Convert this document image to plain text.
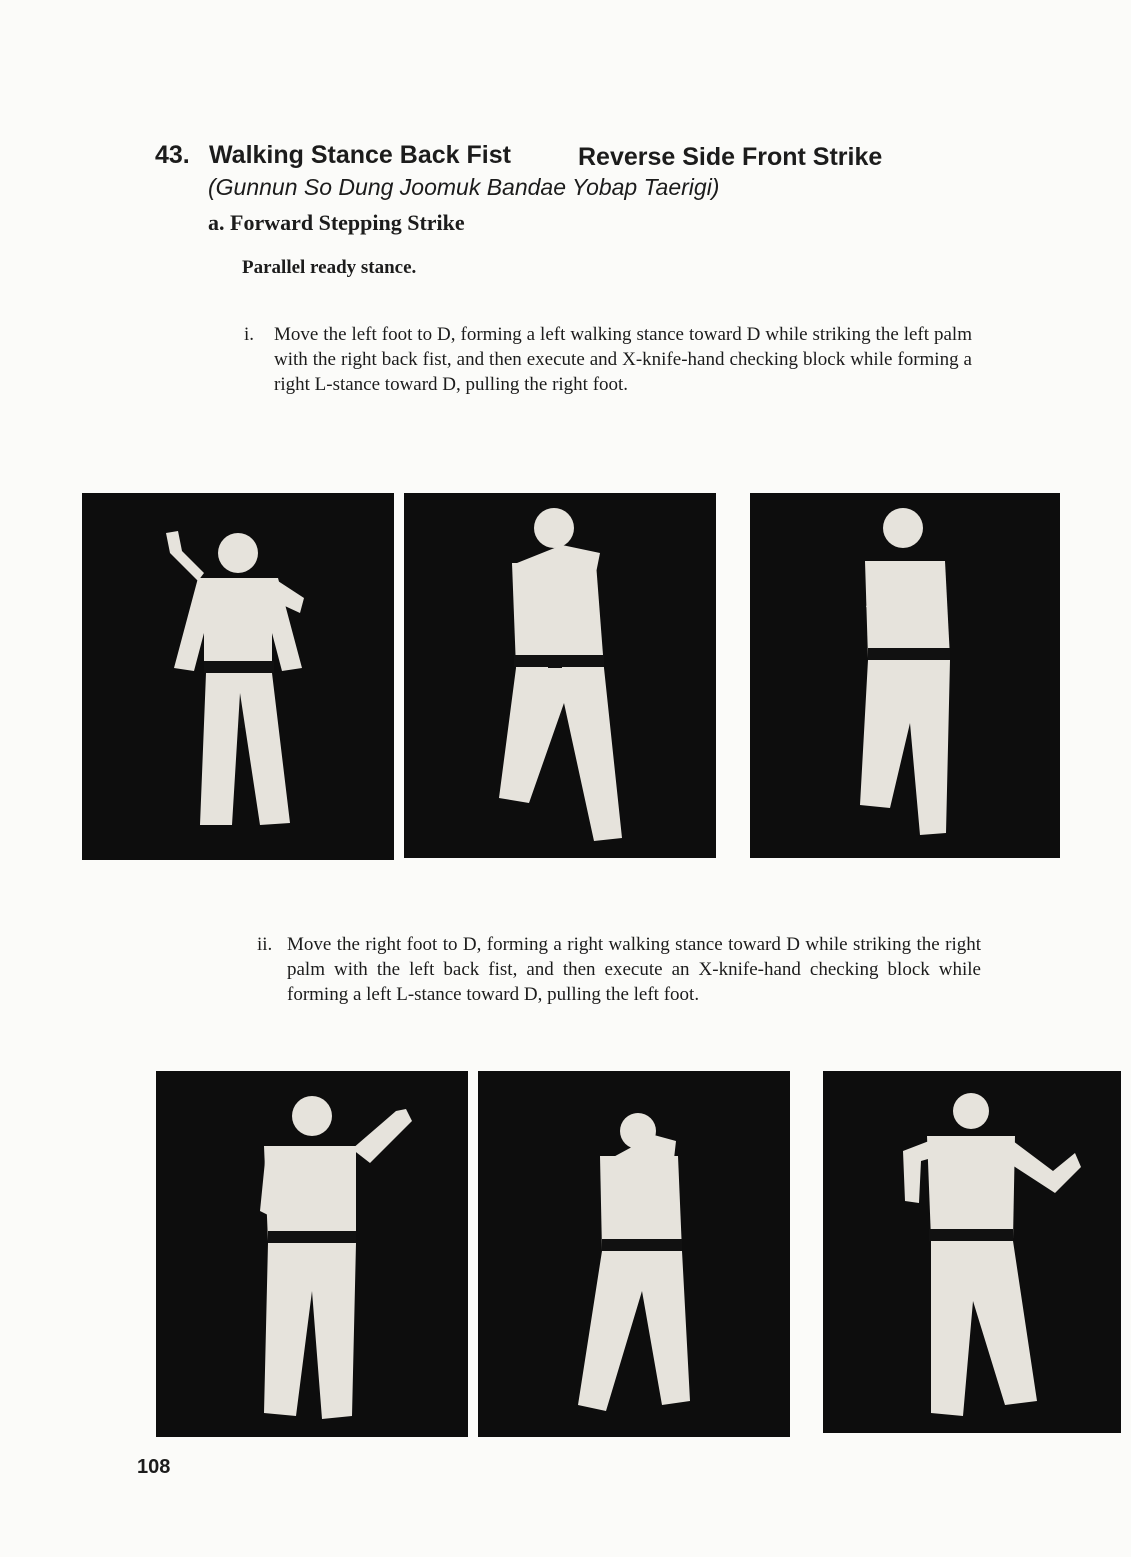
43. Walking Stance Back Fist	Reverse Side Front Strike
(Gunnun So Dung Joomuk Bandae Yobap Taerigi)
a. Forward Stepping Strike
Parallel ready stance.
i. Move the left foot to D, forming a left walking stance toward D while striking the left palm with the right back fist, and then execute and X-knife-hand checking block while forming a right L-stance toward D, pulling the right foot.
ii. Move the right foot to D, forming a right walking stance toward D while striking the right palm with the left back fist, and then execute an X-knife-hand checking block while forming a left L-stance toward D, pulling the left foot.
108
